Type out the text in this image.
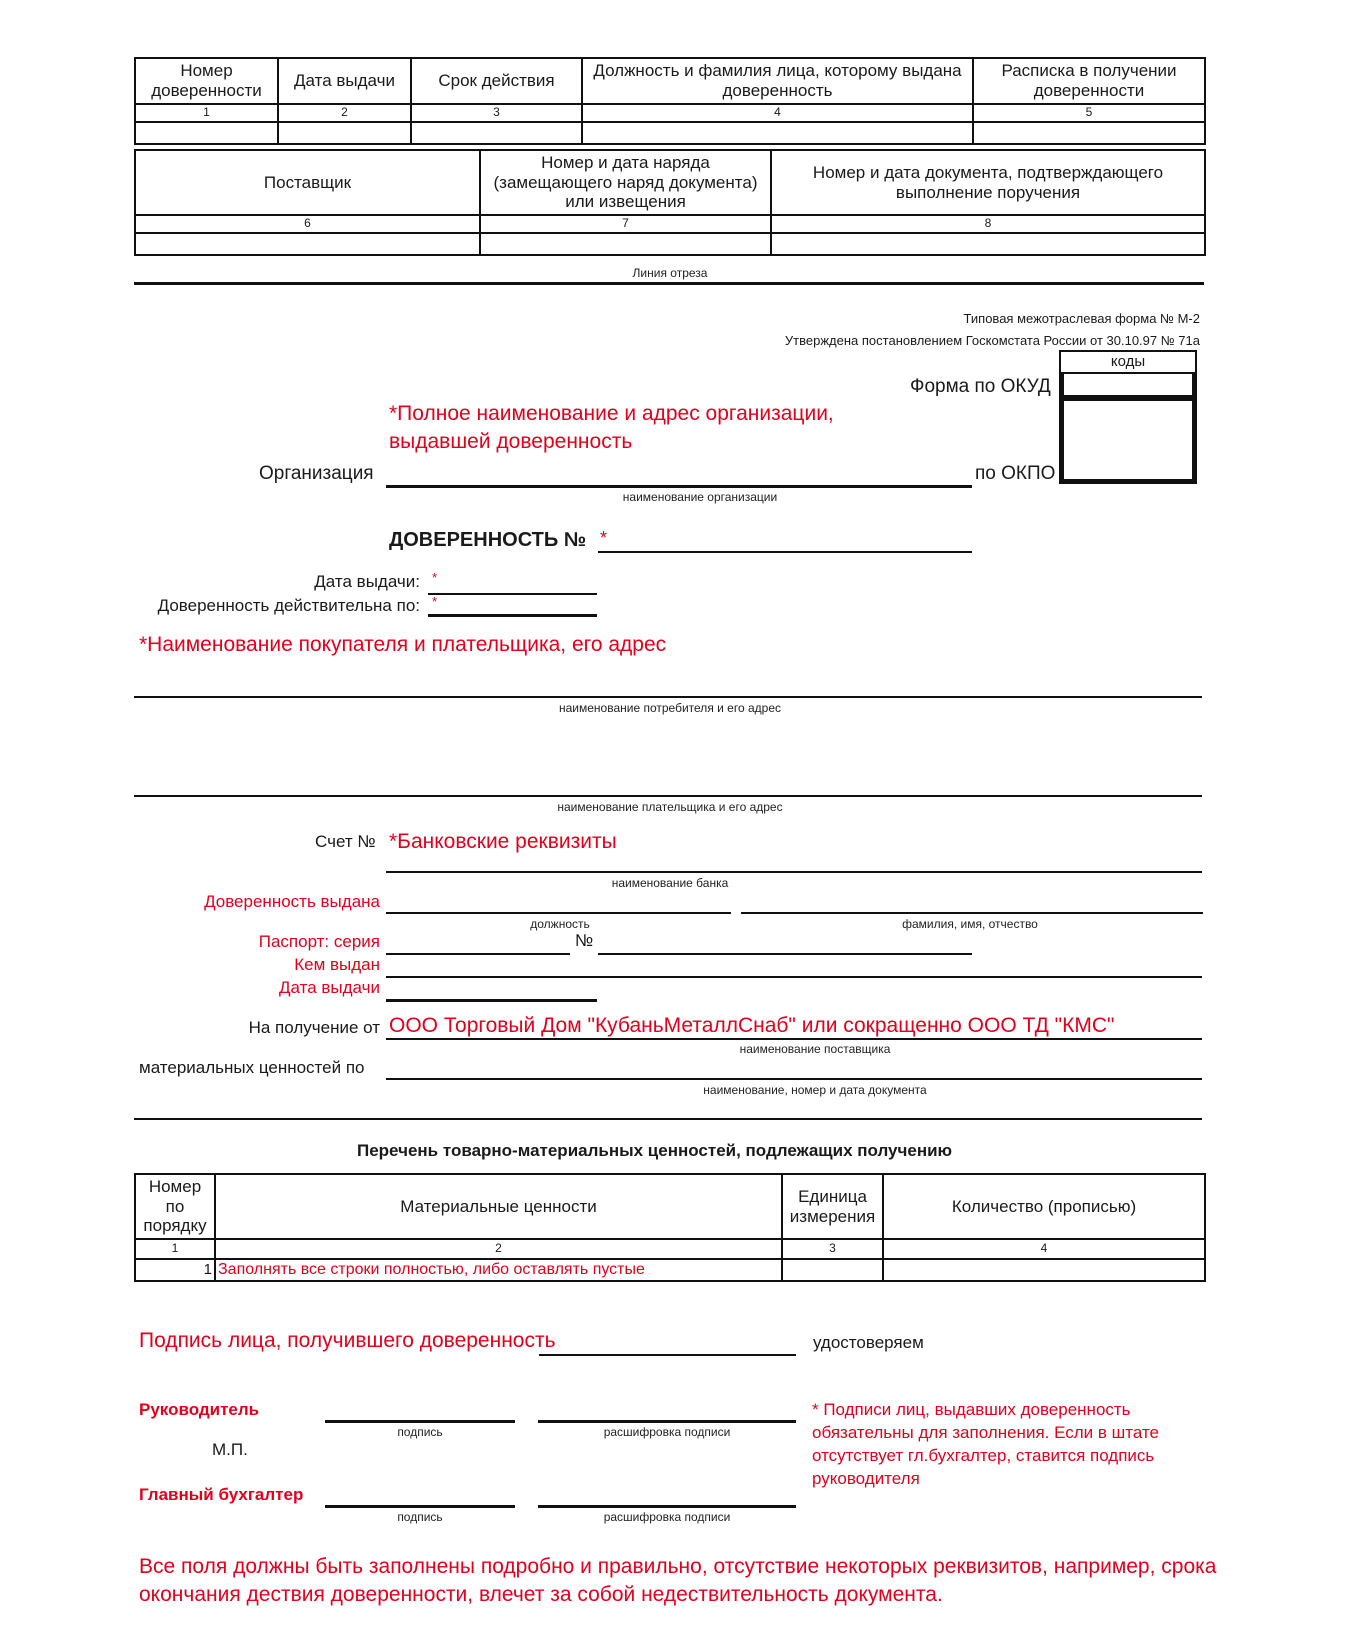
Номер доверенности	Дата выдачи	Срок действия	Должность и фамилия лица, которому выдана доверенность	Расписка в получении доверенности
1	2	3	4	5

Поставщик	Номер и дата наряда (замещающего наряд документа) или извещения	Номер и дата документа, подтверждающего выполнение поручения
6	7	8

Линия отреза
Типовая межотраслевая форма № М-2
Утверждена постановлением Госкомстата России от 30.10.97 № 71а
коды
Форма по ОКУД
по ОКПО
*Полное наименование и адрес организации, выдавшей доверенность
Организация
наименование организации
ДОВЕРЕННОСТЬ № *
Дата выдачи: *
Доверенность действительна по: *
*Наименование покупателя и плательщика, его адрес
наименование потребителя и его адрес
наименование плательщика и его адрес
Счет № *Банковские реквизиты
наименование банка
Доверенность выдана
должность	фамилия, имя, отчество
Паспорт: серия	№
Кем выдан
Дата выдачи
На получение от ООО Торговый Дом "КубаньМеталлСнаб" или сокращенно ООО ТД "КМС"
наименование поставщика
материальных ценностей по
наименование, номер и дата документа
Перечень товарно-материальных ценностей, подлежащих получению
Номер по порядку	Материальные ценности	Единица измерения	Количество (прописью)
1	2	3	4
1	Заполнять все строки полностью, либо оставлять пустые		
Подпись лица, получившего доверенность	удостоверяем
Руководитель
подпись	расшифровка подписи
М.П.
Главный бухгалтер
подпись	расшифровка подписи
* Подписи лиц, выдавших доверенность обязательны для заполнения. Если в штате отсутствует гл.бухгалтер, ставится подпись руководителя
Все поля должны быть заполнены подробно и правильно, отсутствие некоторых реквизитов, например, срока окончания дествия доверенности, влечет за собой недествительность документа.
